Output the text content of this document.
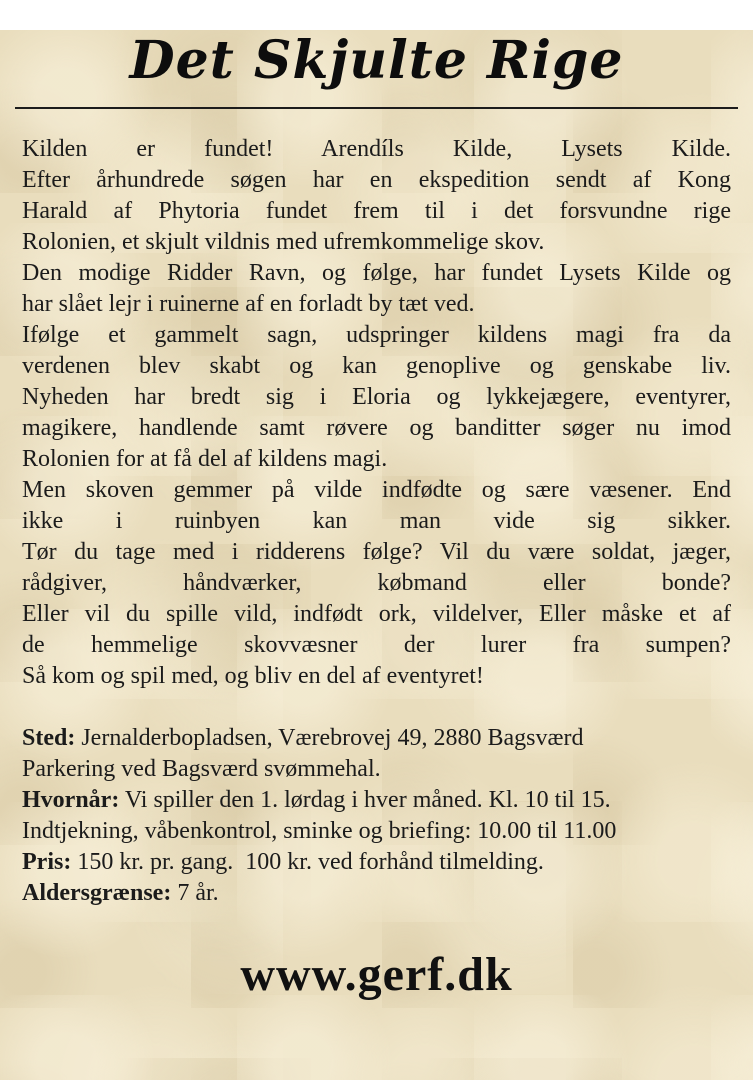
Det Skjulte Rige
Kilden er fundet! Arendíls Kilde, Lysets Kilde.
Efter århundrede søgen har en ekspedition sendt af Kong
Harald af Phytoria fundet frem til i det forsvundne rige
Rolonien, et skjult vildnis med ufremkommelige skov.
Den modige Ridder Ravn, og følge, har fundet Lysets Kilde og
har slået lejr i ruinerne af en forladt by tæt ved.
Ifølge et gammelt sagn, udspringer kildens magi fra da
verdenen blev skabt og kan genoplive og genskabe liv.
Nyheden har bredt sig i Eloria og lykkejægere, eventyrer,
magikere, handlende samt røvere og banditter søger nu imod
Rolonien for at få del af kildens magi.
Men skoven gemmer på vilde indfødte og sære væsener. End
ikke i ruinbyen kan man vide sig sikker.
Tør du tage med i ridderens følge? Vil du være soldat, jæger,
rådgiver, håndværker, købmand eller bonde?
Eller vil du spille vild, indfødt ork, vildelver, Eller måske et af
de hemmelige skovvæsner der lurer fra sumpen?
Så kom og spil med, og bliv en del af eventyret!
Sted: Jernalderbopladsen, Værebrovej 49, 2880 Bagsværd
Parkering ved Bagsværd svømmehal.
Hvornår: Vi spiller den 1. lørdag i hver måned. Kl. 10 til 15.
Indtjekning, våbenkontrol, sminke og briefing: 10.00 til 11.00
Pris: 150 kr. pr. gang.  100 kr. ved forhånd tilmelding.
Aldersgrænse: 7 år.
www.gerf.dk
